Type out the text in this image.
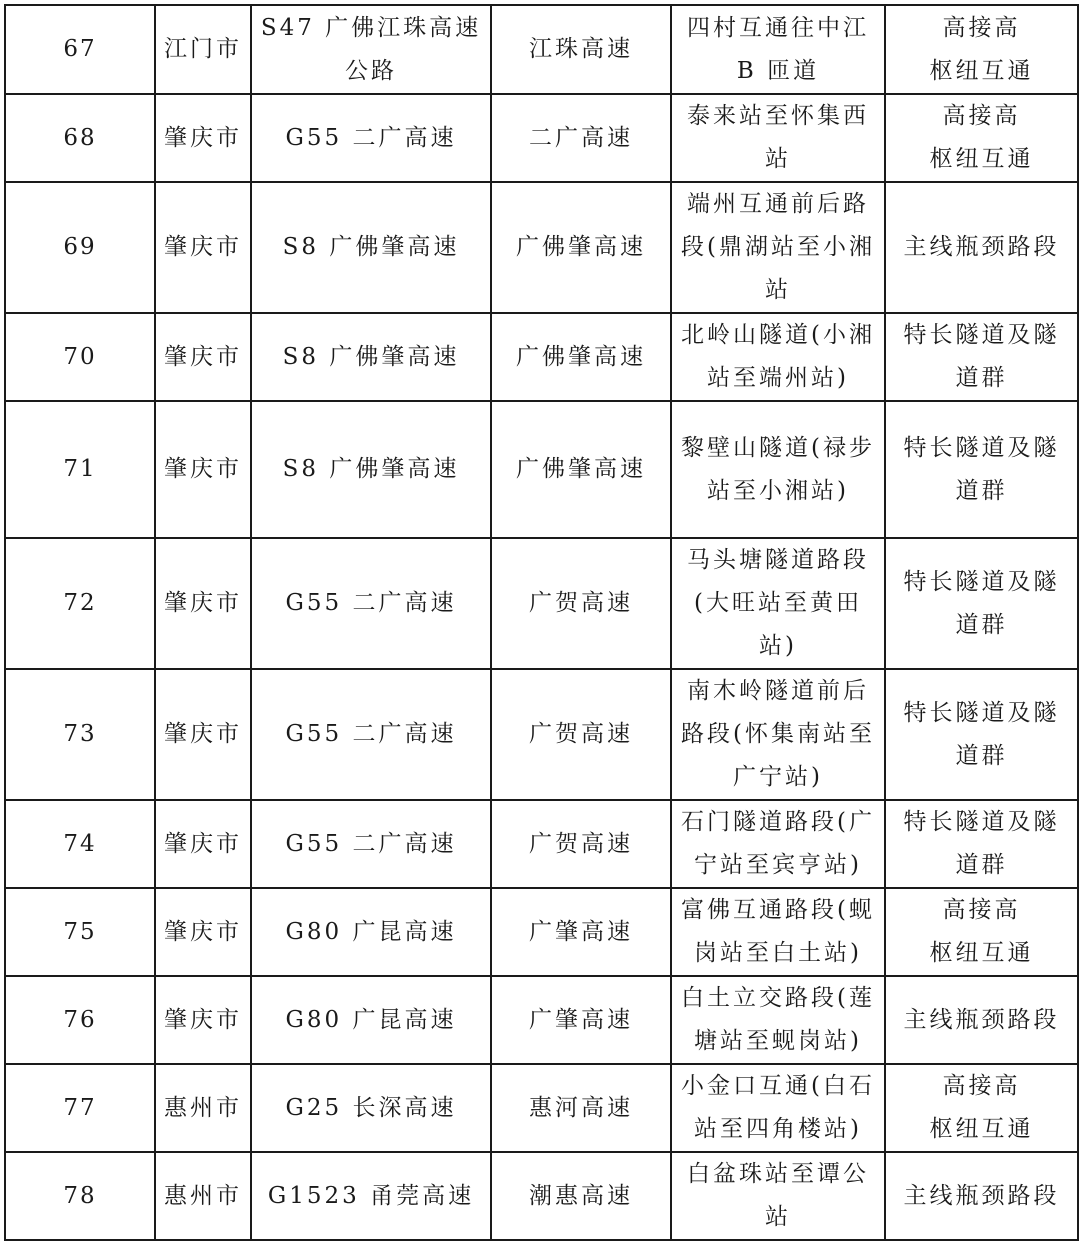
67	江门市	S47 广佛江珠高速
公路	江珠高速	四村互通往中江
B 匝道	高接高
枢纽互通

68	肇庆市	G55 二广高速	二广高速	泰来站至怀集西
站	高接高
枢纽互通

69	肇庆市	S8 广佛肇高速	广佛肇高速	端州互通前后路
段(鼎湖站至小湘
站	主线瓶颈路段

70	肇庆市	S8 广佛肇高速	广佛肇高速	北岭山隧道(小湘
站至端州站)	特长隧道及隧
道群

71	肇庆市	S8 广佛肇高速	广佛肇高速	黎壁山隧道(禄步
站至小湘站)	特长隧道及隧
道群

72	肇庆市	G55 二广高速	广贺高速	马头塘隧道路段
(大旺站至黄田
站)	特长隧道及隧
道群

73	肇庆市	G55 二广高速	广贺高速	南木岭隧道前后
路段(怀集南站至
广宁站)	特长隧道及隧
道群

74	肇庆市	G55 二广高速	广贺高速	石门隧道路段(广
宁站至宾亨站)	特长隧道及隧
道群

75	肇庆市	G80 广昆高速	广肇高速	富佛互通路段(蚬
岗站至白土站)	高接高
枢纽互通

76	肇庆市	G80 广昆高速	广肇高速	白土立交路段(莲
塘站至蚬岗站)	主线瓶颈路段

77	惠州市	G25 长深高速	惠河高速	小金口互通(白石
站至四角楼站)	高接高
枢纽互通

78	惠州市	G1523 甬莞高速	潮惠高速	白盆珠站至谭公
站	主线瓶颈路段
